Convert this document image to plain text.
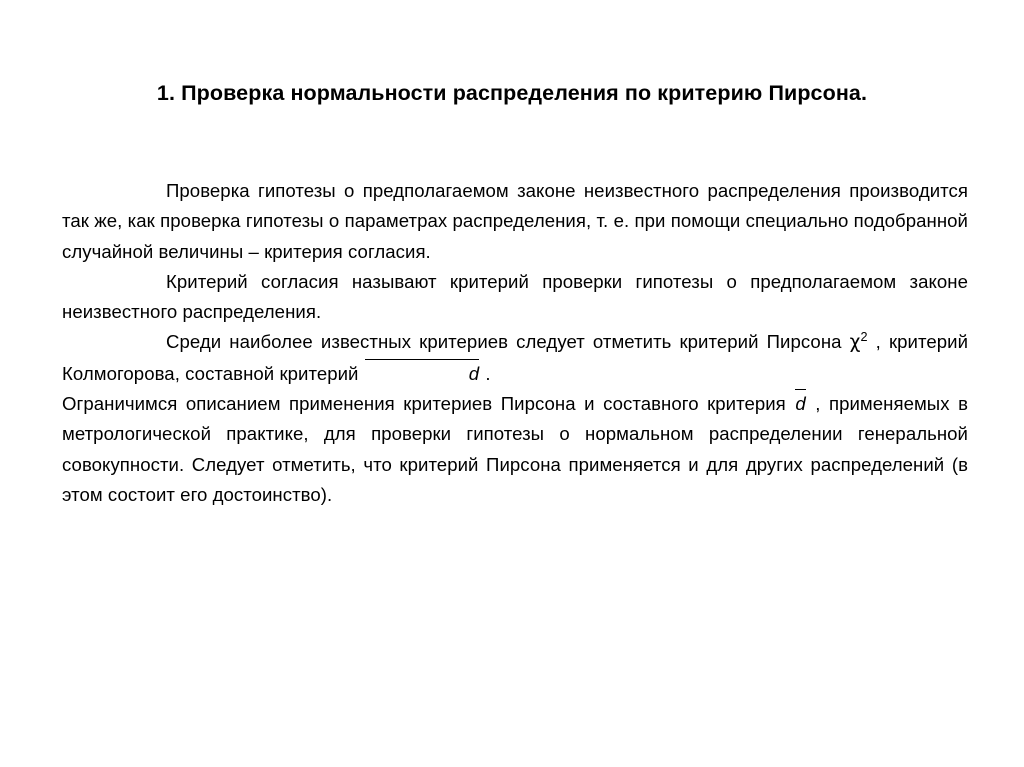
1. Проверка нормальности распределения по критерию Пирсона.

Проверка гипотезы о предполагаемом законе неизвестного распределения производится так же, как проверка гипотезы о параметрах распределения, т. е. при помощи специально подобранной случайной величины – критерия согласия.

Критерий согласия называют критерий проверки гипотезы о предполагаемом законе неизвестного распределения.

Среди наиболее известных критериев следует отметить критерий Пирсона $\chi^2$ , критерий Колмогорова, составной критерий	d .

Ограничимся описанием применения критериев Пирсона и составного критерия d , применяемых в метрологической практике, для проверки гипотезы о нормальном распределении генеральной совокупности. Следует отметить, что критерий Пирсона применяется и для других распределений (в этом состоит его достоинство).
